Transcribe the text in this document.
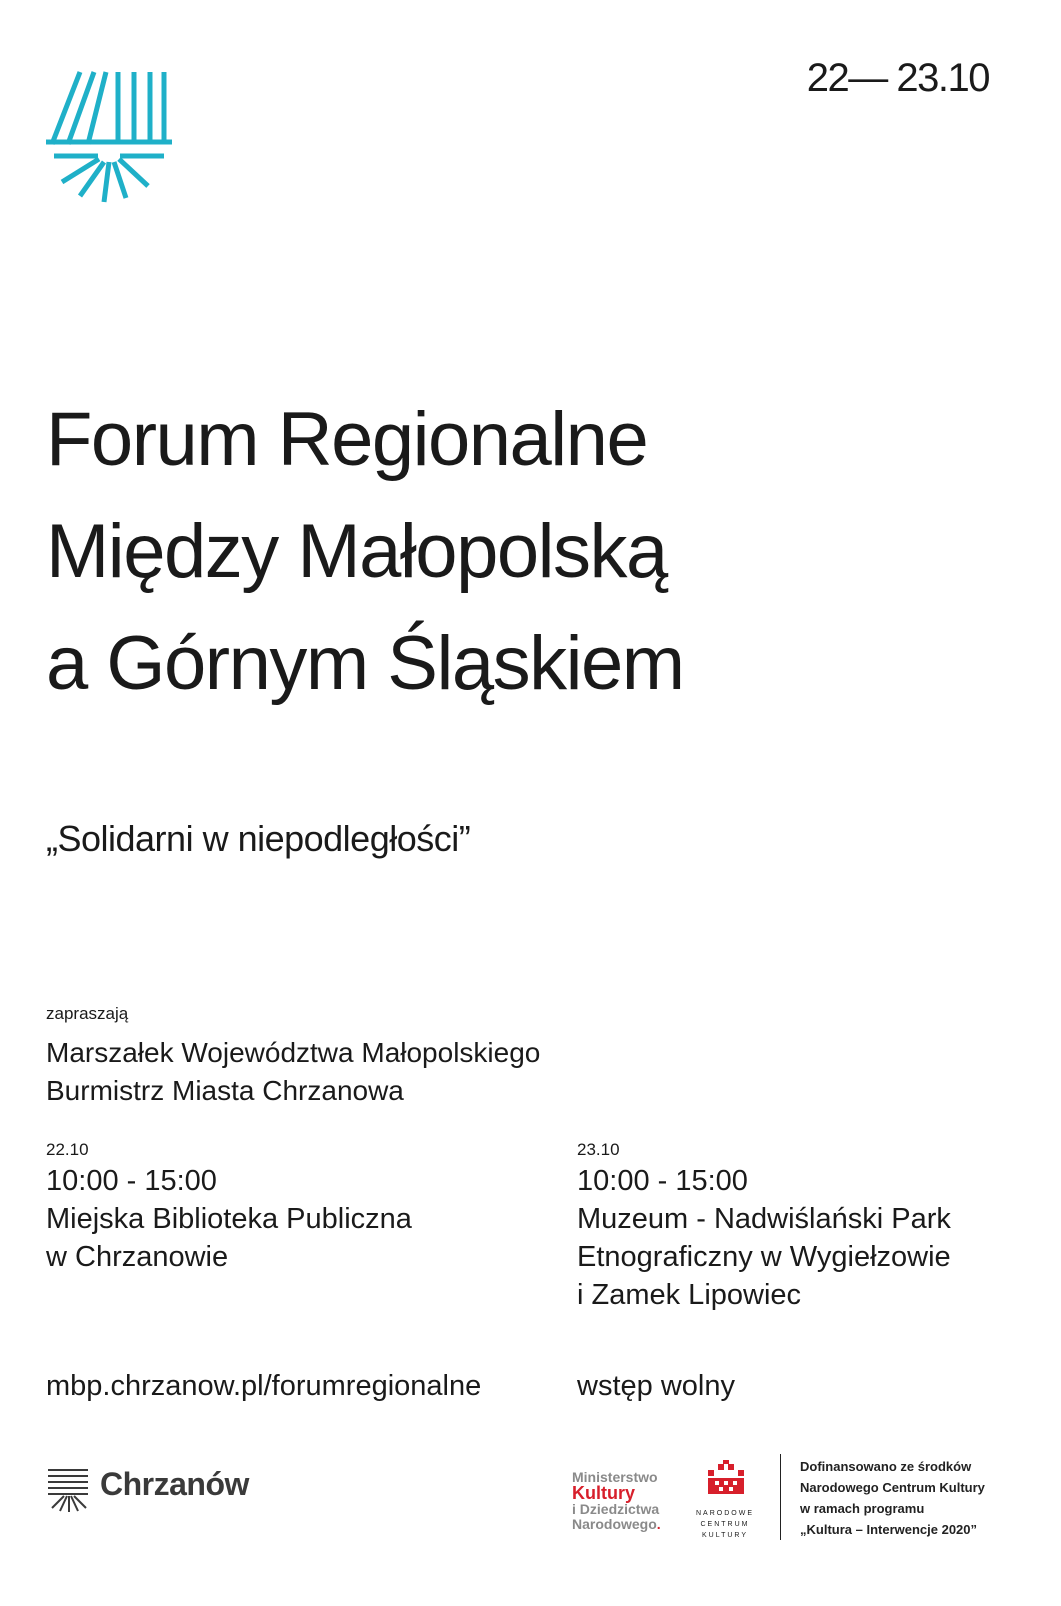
22— 23.10
Forum Regionalne
Między Małopolską
a Górnym Śląskiem
„Solidarni w niepodległości”
zapraszają
Marszałek Województwa Małopolskiego
Burmistrz Miasta Chrzanowa
22.10
10:00 - 15:00
Miejska Biblioteka Publiczna
w Chrzanowie
23.10
10:00 - 15:00
Muzeum - Nadwiślański Park
Etnograficzny w Wygiełzowie
i Zamek Lipowiec
mbp.chrzanow.pl/forumregionalne	wstęp wolny
Chrzanów	Ministerstwo
Kultury
i Dziedzictwa
Narodowego.
NARODOWE
CENTRUM
KULTURY
Dofinansowano ze środków
Narodowego Centrum Kultury
w ramach programu
„Kultura – Interwencje 2020”
